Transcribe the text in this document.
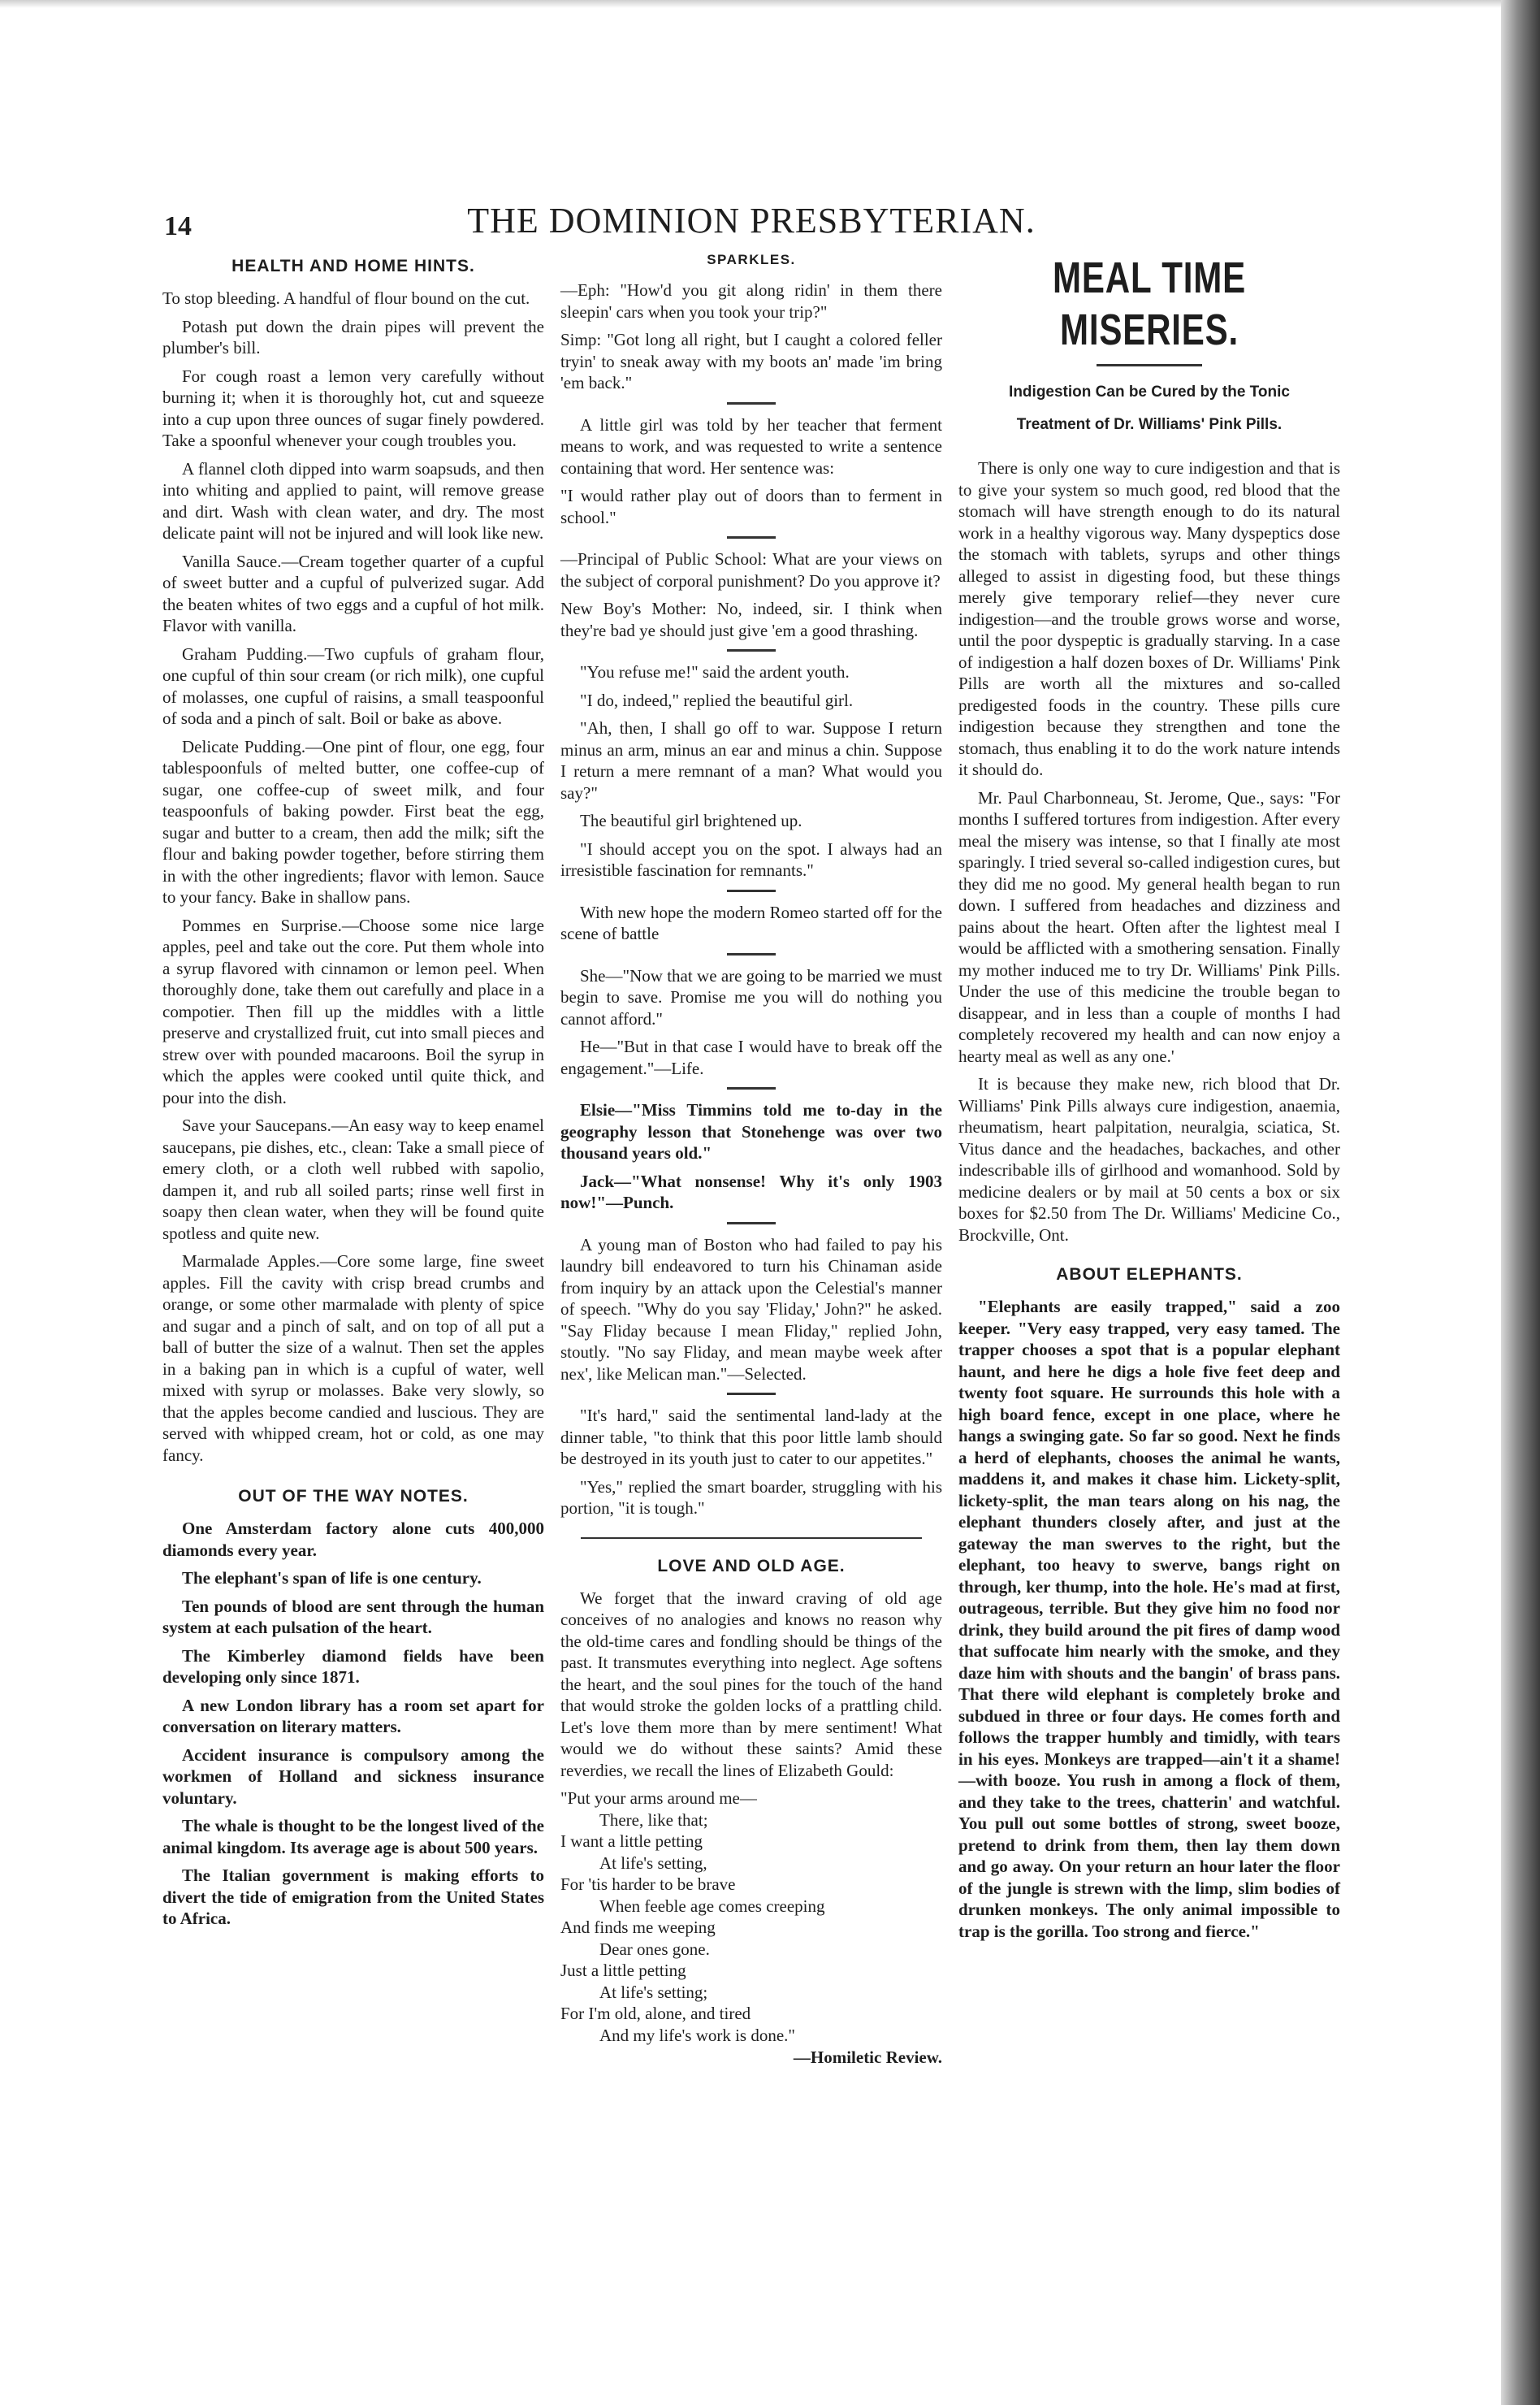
14	THE DOMINION PRESBYTERIAN.
HEALTH AND HOME HINTS.

To stop bleeding. A handful of flour bound on the cut.

Potash put down the drain pipes will prevent the plumber's bill.

For cough roast a lemon very carefully without burning it; when it is thoroughly hot, cut and squeeze into a cup upon three ounces of sugar finely powdered. Take a spoonful whenever your cough troubles you.

A flannel cloth dipped into warm soapsuds, and then into whiting and applied to paint, will remove grease and dirt. Wash with clean water, and dry. The most delicate paint will not be injured and will look like new.

Vanilla Sauce.—Cream together quarter of a cupful of sweet butter and a cupful of pulverized sugar. Add the beaten whites of two eggs and a cupful of hot milk. Flavor with vanilla.

Graham Pudding.—Two cupfuls of graham flour, one cupful of thin sour cream (or rich milk), one cupful of molasses, one cupful of raisins, a small teaspoonful of soda and a pinch of salt. Boil or bake as above.

Delicate Pudding.—One pint of flour, one egg, four tablespoonfuls of melted butter, one coffee-cup of sugar, one coffee-cup of sweet milk, and four teaspoonfuls of baking powder. First beat the egg, sugar and butter to a cream, then add the milk; sift the flour and baking powder together, before stirring them in with the other ingredients; flavor with lemon. Sauce to your fancy. Bake in shallow pans.

Pommes en Surprise.—Choose some nice large apples, peel and take out the core. Put them whole into a syrup flavored with cinnamon or lemon peel. When thoroughly done, take them out carefully and place in a compotier. Then fill up the middles with a little preserve and crystallized fruit, cut into small pieces and strew over with pounded macaroons. Boil the syrup in which the apples were cooked until quite thick, and pour into the dish.

Save your Saucepans.—An easy way to keep enamel saucepans, pie dishes, etc., clean: Take a small piece of emery cloth, or a cloth well rubbed with sapolio, dampen it, and rub all soiled parts; rinse well first in soapy then clean water, when they will be found quite spotless and quite new.

Marmalade Apples.—Core some large, fine sweet apples. Fill the cavity with crisp bread crumbs and orange, or some other marmalade with plenty of spice and sugar and a pinch of salt, and on top of all put a ball of butter the size of a walnut. Then set the apples in a baking pan in which is a cupful of water, well mixed with syrup or molasses. Bake very slowly, so that the apples become candied and luscious. They are served with whipped cream, hot or cold, as one may fancy.

OUT OF THE WAY NOTES.

One Amsterdam factory alone cuts 400,000 diamonds every year.

The elephant's span of life is one century.

Ten pounds of blood are sent through the human system at each pulsation of the heart.

The Kimberley diamond fields have been developing only since 1871.

A new London library has a room set apart for conversation on literary matters.

Accident insurance is compulsory among the workmen of Holland and sickness insurance voluntary.

The whale is thought to be the longest lived of the animal kingdom. Its average age is about 500 years.

The Italian government is making efforts to divert the tide of emigration from the United States to Africa.

SPARKLES.

—Eph: "How'd you git along ridin' in them there sleepin' cars when you took your trip?"

Simp: "Got long all right, but I caught a colored feller tryin' to sneak away with my boots an' made 'im bring 'em back."

A little girl was told by her teacher that ferment means to work, and was requested to write a sentence containing that word. Her sentence was:

"I would rather play out of doors than to ferment in school."

—Principal of Public School: What are your views on the subject of corporal punishment? Do you approve it?

New Boy's Mother: No, indeed, sir. I think when they're bad ye should just give 'em a good thrashing.

"You refuse me!" said the ardent youth.

"I do, indeed," replied the beautiful girl.

"Ah, then, I shall go off to war. Suppose I return minus an arm, minus an ear and minus a chin. Suppose I return a mere remnant of a man? What would you say?"

The beautiful girl brightened up.

"I should accept you on the spot. I always had an irresistible fascination for remnants."

With new hope the modern Romeo started off for the scene of battle

She—"Now that we are going to be married we must begin to save. Promise me you will do nothing you cannot afford."

He—"But in that case I would have to break off the engagement."—Life.

Elsie—"Miss Timmins told me to-day in the geography lesson that Stonehenge was over two thousand years old."

Jack—"What nonsense! Why it's only 1903 now!"—Punch.

A young man of Boston who had failed to pay his laundry bill endeavored to turn his Chinaman aside from inquiry by an attack upon the Celestial's manner of speech. "Why do you say 'Fliday,' John?" he asked. "Say Fliday because I mean Fliday," replied John, stoutly. "No say Fliday, and mean maybe week after nex', like Melican man."—Selected.

"It's hard," said the sentimental land-lady at the dinner table, "to think that this poor little lamb should be destroyed in its youth just to cater to our appetites."

"Yes," replied the smart boarder, struggling with his portion, "it is tough."

LOVE AND OLD AGE.

We forget that the inward craving of old age conceives of no analogies and knows no reason why the old-time cares and fondling should be things of the past. It transmutes everything into neglect. Age softens the heart, and the soul pines for the touch of the hand that would stroke the golden locks of a prattling child. Let's love them more than by mere sentiment! What would we do without these saints? Amid these reverdies, we recall the lines of Elizabeth Gould:

"Put your arms around me—

There, like that;

I want a little petting

At life's setting,

For 'tis harder to be brave

When feeble age comes creeping

And finds me weeping

Dear ones gone.

Just a little petting

At life's setting;

For I'm old, alone, and tired

And my life's work is done."

—Homiletic Review.
MEAL TIME MISERIES.
Indigestion Can be Cured by the Tonic Treatment of Dr. Williams' Pink Pills.

There is only one way to cure indigestion and that is to give your system so much good, red blood that the stomach will have strength enough to do its natural work in a healthy vigorous way. Many dyspeptics dose the stomach with tablets, syrups and other things alleged to assist in digesting food, but these things merely give temporary relief—they never cure indigestion—and the trouble grows worse and worse, until the poor dyspeptic is gradually starving. In a case of indigestion a half dozen boxes of Dr. Williams' Pink Pills are worth all the mixtures and so-called predigested foods in the country. These pills cure indigestion because they strengthen and tone the stomach, thus enabling it to do the work nature intends it should do.

Mr. Paul Charbonneau, St. Jerome, Que., says: "For months I suffered tortures from indigestion. After every meal the misery was intense, so that I finally ate most sparingly. I tried several so-called indigestion cures, but they did me no good. My general health began to run down. I suffered from headaches and dizziness and pains about the heart. Often after the lightest meal I would be afflicted with a smothering sensation. Finally my mother induced me to try Dr. Williams' Pink Pills. Under the use of this medicine the trouble began to disappear, and in less than a couple of months I had completely recovered my health and can now enjoy a hearty meal as well as any one.'

It is because they make new, rich blood that Dr. Williams' Pink Pills always cure indigestion, anaemia, rheumatism, heart palpitation, neuralgia, sciatica, St. Vitus dance and the headaches, backaches, and other indescribable ills of girlhood and womanhood. Sold by medicine dealers or by mail at 50 cents a box or six boxes for $2.50 from The Dr. Williams' Medicine Co., Brockville, Ont.

ABOUT ELEPHANTS.

"Elephants are easily trapped," said a zoo keeper. "Very easy trapped, very easy tamed. The trapper chooses a spot that is a popular elephant haunt, and here he digs a hole five feet deep and twenty foot square. He surrounds this hole with a high board fence, except in one place, where he hangs a swinging gate. So far so good. Next he finds a herd of elephants, chooses the animal he wants, maddens it, and makes it chase him. Lickety-split, lickety-split, the man tears along on his nag, the elephant thunders closely after, and just at the gateway the man swerves to the right, but the elephant, too heavy to swerve, bangs right on through, ker thump, into the hole. He's mad at first, outrageous, terrible. But they give him no food nor drink, they build around the pit fires of damp wood that suffocate him nearly with the smoke, and they daze him with shouts and the bangin' of brass pans. That there wild elephant is completely broke and subdued in three or four days. He comes forth and follows the trapper humbly and timidly, with tears in his eyes. Monkeys are trapped—ain't it a shame! —with booze. You rush in among a flock of them, and they take to the trees, chatterin' and watchful. You pull out some bottles of strong, sweet booze, pretend to drink from them, then lay them down and go away. On your return an hour later the floor of the jungle is strewn with the limp, slim bodies of drunken monkeys. The only animal impossible to trap is the gorilla. Too strong and fierce."
